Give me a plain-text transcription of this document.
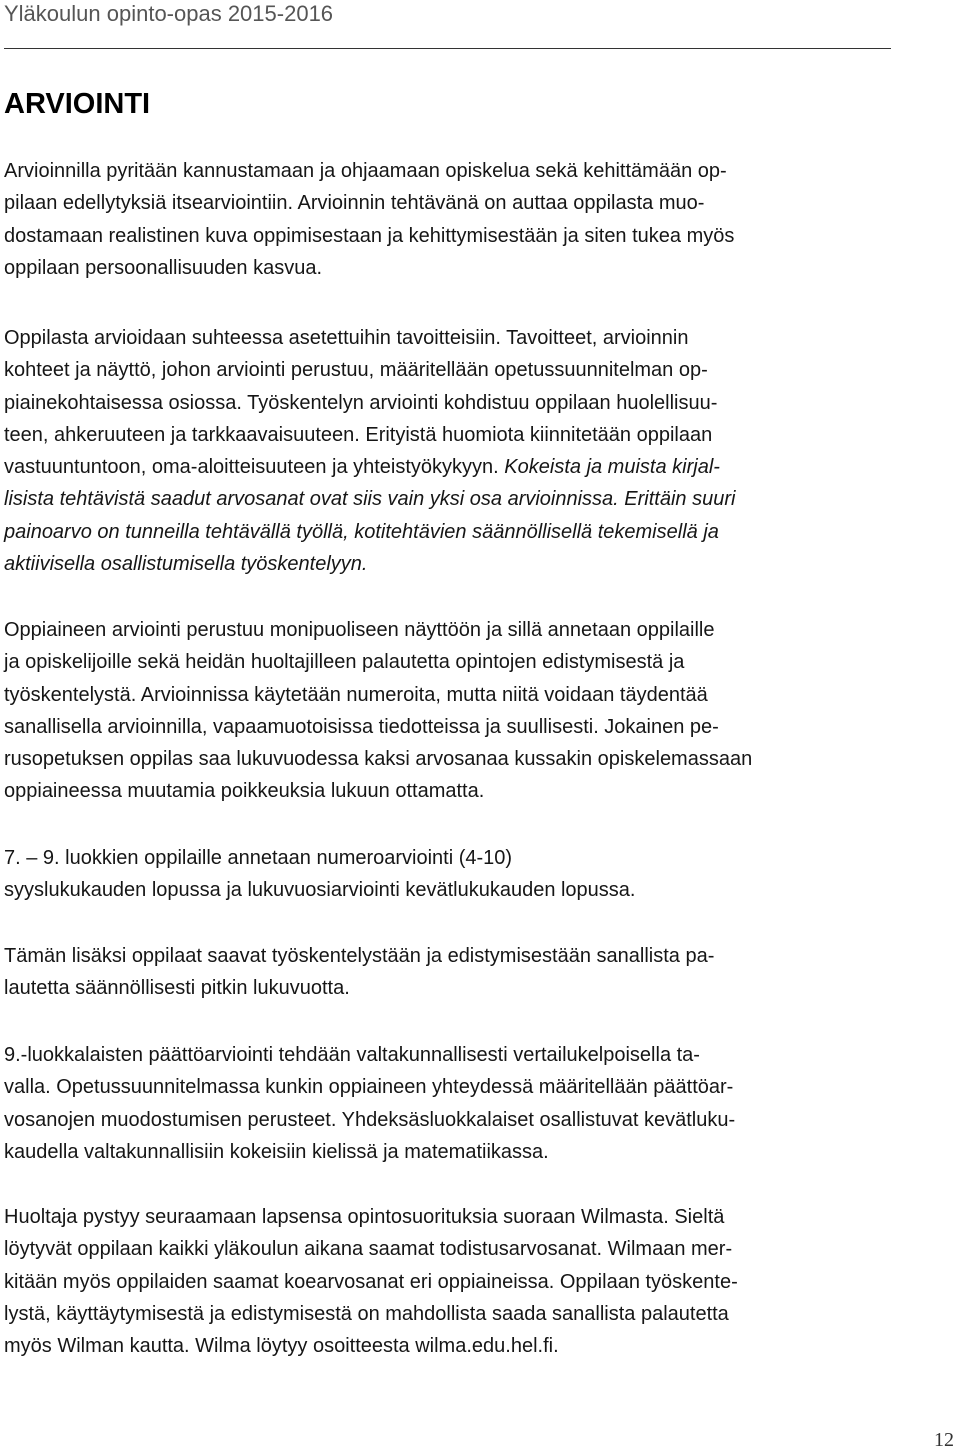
Yläkoulun opinto-opas 2015-2016
ARVIOINTI
Arvioinnilla pyritään kannustamaan ja ohjaamaan opiskelua sekä kehittämään op-
pilaan edellytyksiä itsearviointiin. Arvioinnin tehtävänä on auttaa oppilasta muo-
dostamaan realistinen kuva oppimisestaan ja kehittymisestään ja siten tukea myös
oppilaan persoonallisuuden kasvua.
Oppilasta arvioidaan suhteessa asetettuihin tavoitteisiin. Tavoitteet, arvioinnin
kohteet ja näyttö, johon arviointi perustuu, määritellään opetussuunnitelman op-
piainekohtaisessa osiossa. Työskentelyn arviointi kohdistuu oppilaan huolellisuu-
teen, ahkeruuteen ja tarkkaavaisuuteen. Erityistä huomiota kiinnitetään oppilaan
vastuuntuntoon, oma-aloitteisuuteen ja yhteistyökykyyn. Kokeista ja muista kirjal-
lisista tehtävistä saadut arvosanat ovat siis vain yksi osa arvioinnissa. Erittäin suuri
painoarvo on tunneilla tehtävällä työllä, kotitehtävien säännöllisellä tekemisellä ja
aktiivisella osallistumisella työskentelyyn.
Oppiaineen arviointi perustuu monipuoliseen näyttöön ja sillä annetaan oppilaille
ja opiskelijoille sekä heidän huoltajilleen palautetta opintojen edistymisestä ja
työskentelystä. Arvioinnissa käytetään numeroita, mutta niitä voidaan täydentää
sanallisella arvioinnilla, vapaamuotoisissa tiedotteissa ja suullisesti. Jokainen pe-
rusopetuksen oppilas saa lukuvuodessa kaksi arvosanaa kussakin opiskelemassaan
oppiaineessa muutamia poikkeuksia lukuun ottamatta.
7. – 9. luokkien oppilaille annetaan numeroarviointi (4-10)
syyslukukauden lopussa ja lukuvuosiarviointi kevätlukukauden lopussa.
Tämän lisäksi oppilaat saavat työskentelystään ja edistymisestään sanallista pa-
lautetta säännöllisesti pitkin lukuvuotta.
9.-luokkalaisten päättöarviointi tehdään valtakunnallisesti vertailukelpoisella ta-
valla. Opetussuunnitelmassa kunkin oppiaineen yhteydessä määritellään päättöar-
vosanojen muodostumisen perusteet. Yhdeksäsluokkalaiset osallistuvat kevätluku-
kaudella valtakunnallisiin kokeisiin kielissä ja matematiikassa.
Huoltaja pystyy seuraamaan lapsensa opintosuorituksia suoraan Wilmasta. Sieltä
löytyvät oppilaan kaikki yläkoulun aikana saamat todistusarvosanat. Wilmaan mer-
kitään myös oppilaiden saamat koearvosanat eri oppiaineissa. Oppilaan työskente-
lystä, käyttäytymisestä ja edistymisestä on mahdollista saada sanallista palautetta
myös Wilman kautta. Wilma löytyy osoitteesta wilma.edu.hel.fi.
12
